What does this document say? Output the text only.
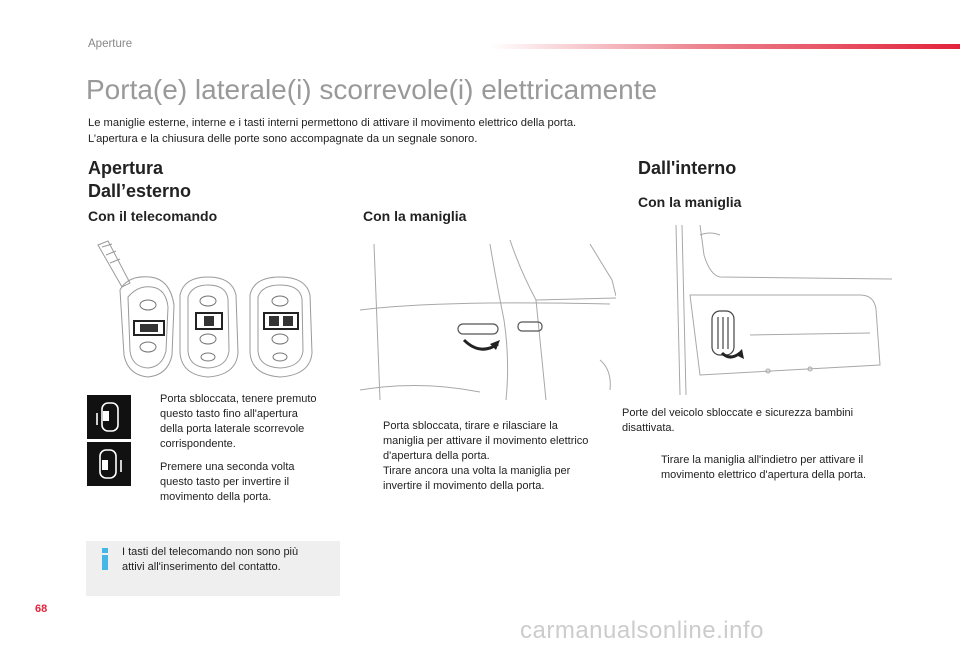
Aperture
Porta(e) laterale(i) scorrevole(i) elettricamente
Le maniglie esterne, interne e i tasti interni permettono di attivare il movimento elettrico della porta.
L’apertura e la chiusura delle porte sono accompagnate da un segnale sonoro.
Apertura
Dall’esterno
Con il telecomando
Porta sbloccata, tenere premuto
questo tasto fino all'apertura
della porta laterale scorrevole
corrispondente.
Premere una seconda volta
questo tasto per invertire il
movimento della porta.
I tasti del telecomando non sono più
attivi all'inserimento del contatto.
Con la maniglia
Porta sbloccata, tirare e rilasciare la
maniglia per attivare il movimento elettrico
d'apertura della porta.
Tirare ancora una volta la maniglia per
invertire il movimento della porta.
Dall'interno
Con la maniglia
Porte del veicolo sbloccate e sicurezza bambini
disattivata.
Tirare la maniglia all'indietro per attivare il
movimento elettrico d'apertura della porta.
68
carmanualsonline.info
